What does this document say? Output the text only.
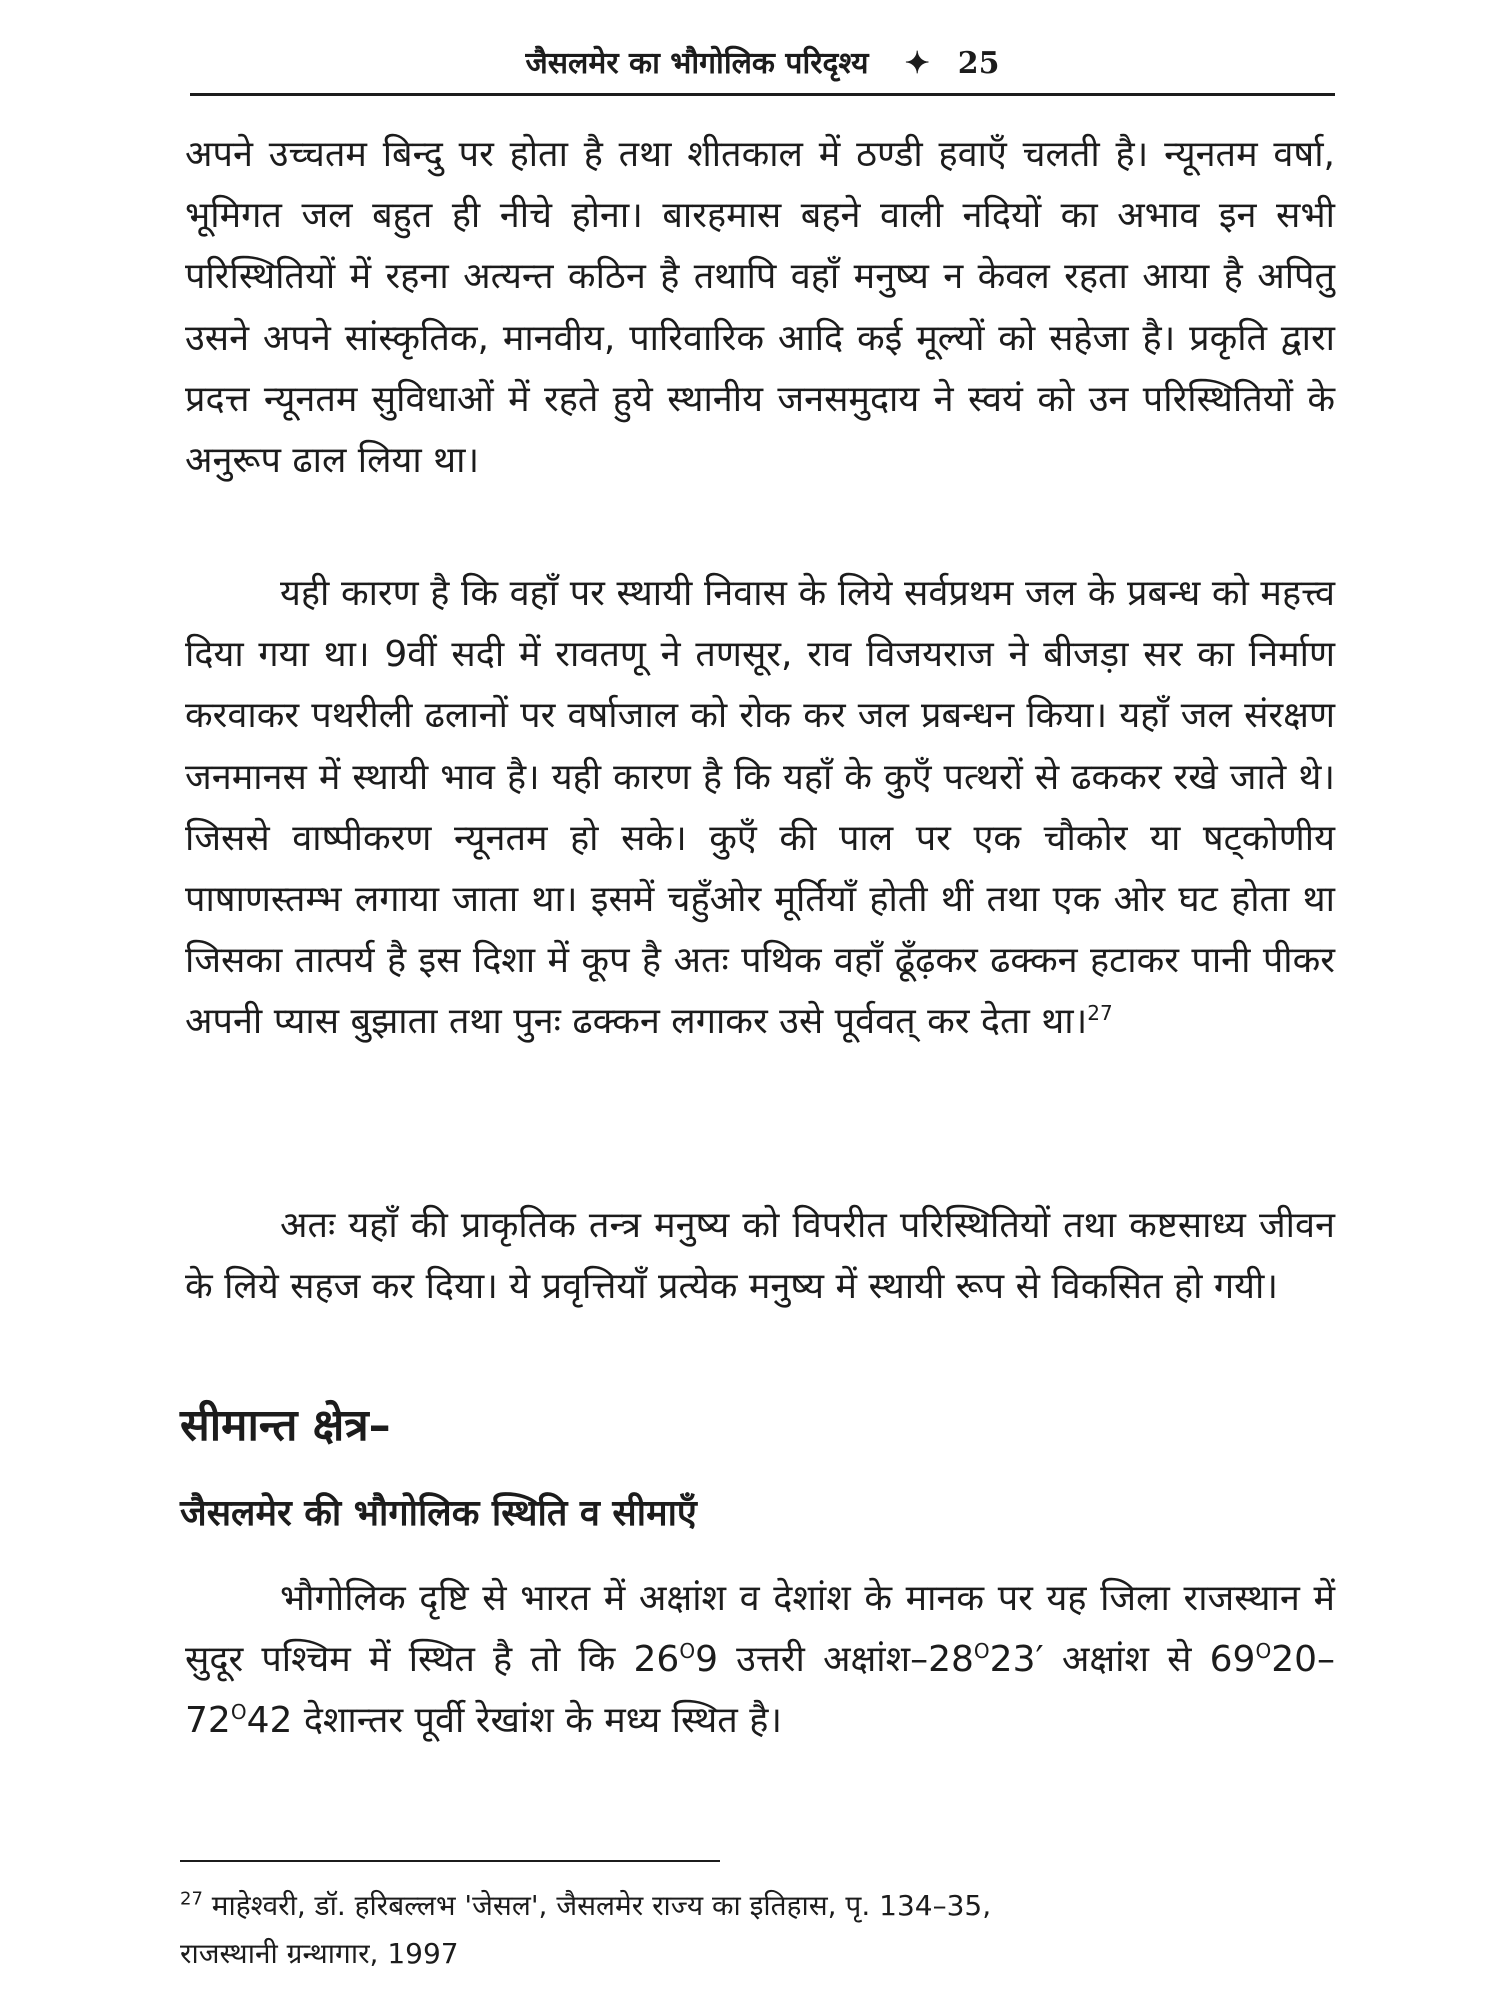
जैसलमेर का भौगोलिक परिदृश्य ✦ 25

अपने उच्चतम बिन्दु पर होता है तथा शीतकाल में ठण्डी हवाएँ चलती है। न्यूनतम वर्षा, भूमिगत जल बहुत ही नीचे होना। बारहमास बहने वाली नदियों का अभाव इन सभी परिस्थितियों में रहना अत्यन्त कठिन है तथापि वहाँ मनुष्य न केवल रहता आया है अपितु उसने अपने सांस्कृतिक, मानवीय, पारिवारिक आदि कई मूल्यों को सहेजा है। प्रकृति द्वारा प्रदत्त न्यूनतम सुविधाओं में रहते हुये स्थानीय जनसमुदाय ने स्वयं को उन परिस्थितियों के अनुरूप ढाल लिया था।

यही कारण है कि वहाँ पर स्थायी निवास के लिये सर्वप्रथम जल के प्रबन्ध को महत्त्व दिया गया था। 9वीं सदी में रावतणू ने तणसूर, राव विजयराज ने बीजड़ा सर का निर्माण करवाकर पथरीली ढलानों पर वर्षाजाल को रोक कर जल प्रबन्धन किया। यहाँ जल संरक्षण जनमानस में स्थायी भाव है। यही कारण है कि यहाँ के कुएँ पत्थरों से ढककर रखे जाते थे। जिससे वाष्पीकरण न्यूनतम हो सके। कुएँ की पाल पर एक चौकोर या षट्कोणीय पाषाणस्तम्भ लगाया जाता था। इसमें चहुँओर मूर्तियाँ होती थीं तथा एक ओर घट होता था जिसका तात्पर्य है इस दिशा में कूप है अतः पथिक वहाँ ढूँढ़कर ढक्कन हटाकर पानी पीकर अपनी प्यास बुझाता तथा पुनः ढक्कन लगाकर उसे पूर्ववत् कर देता था।$^{27}$

अतः यहाँ की प्राकृतिक तन्त्र मनुष्य को विपरीत परिस्थितियों तथा कष्टसाध्य जीवन के लिये सहज कर दिया। ये प्रवृत्तियाँ प्रत्येक मनुष्य में स्थायी रूप से विकसित हो गयी।

सीमान्त क्षेत्र–
जैसलमेर की भौगोलिक स्थिति व सीमाएँ

भौगोलिक दृष्टि से भारत में अक्षांश व देशांश के मानक पर यह जिला राजस्थान में सुदूर पश्चिम में स्थित है तो कि $26^O9$ उत्तरी $अक्षांश-28^O23'$ अक्षांश से $69^O20-72^O42$ देशान्तर पूर्वी रेखांश के मध्य स्थित है।

$^{27}$ माहेश्वरी, डॉ. हरिबल्लभ 'जेसल', जैसलमेर राज्य का इतिहास, पृ. 134–35,
राजस्थानी ग्रन्थागार, 1997
